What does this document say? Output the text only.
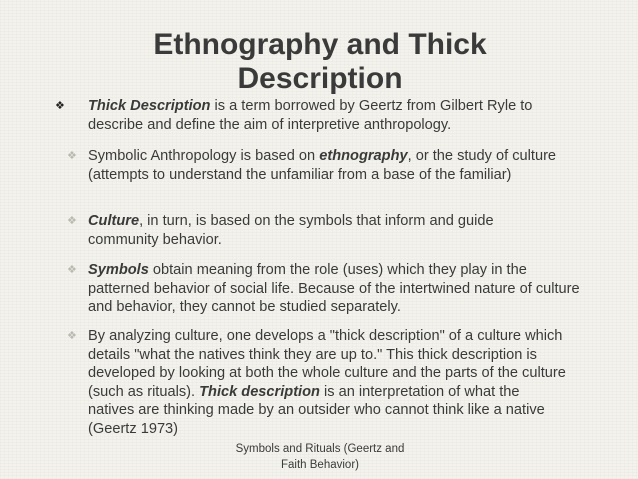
Ethnography and Thick
Description
❖ Thick Description is a term borrowed by Geertz from Gilbert Ryle to describe and define the aim of interpretive anthropology.
❖ Symbolic Anthropology is based on ethnography, or the study of culture (attempts to understand the unfamiliar from a base of the familiar)
❖ Culture, in turn, is based on the symbols that inform and guide community behavior.
❖ Symbols obtain meaning from the role (uses) which they play in the patterned behavior of social life. Because of the intertwined nature of culture and behavior, they cannot be studied separately.
❖ By analyzing culture, one develops a "thick description" of a culture which details "what the natives think they are up to." This thick description is developed by looking at both the whole culture and the parts of the culture (such as rituals). Thick description is an interpretation of what the natives are thinking made by an outsider who cannot think like a native (Geertz 1973)
Symbols and Rituals (Geertz and
Faith Behavior)
